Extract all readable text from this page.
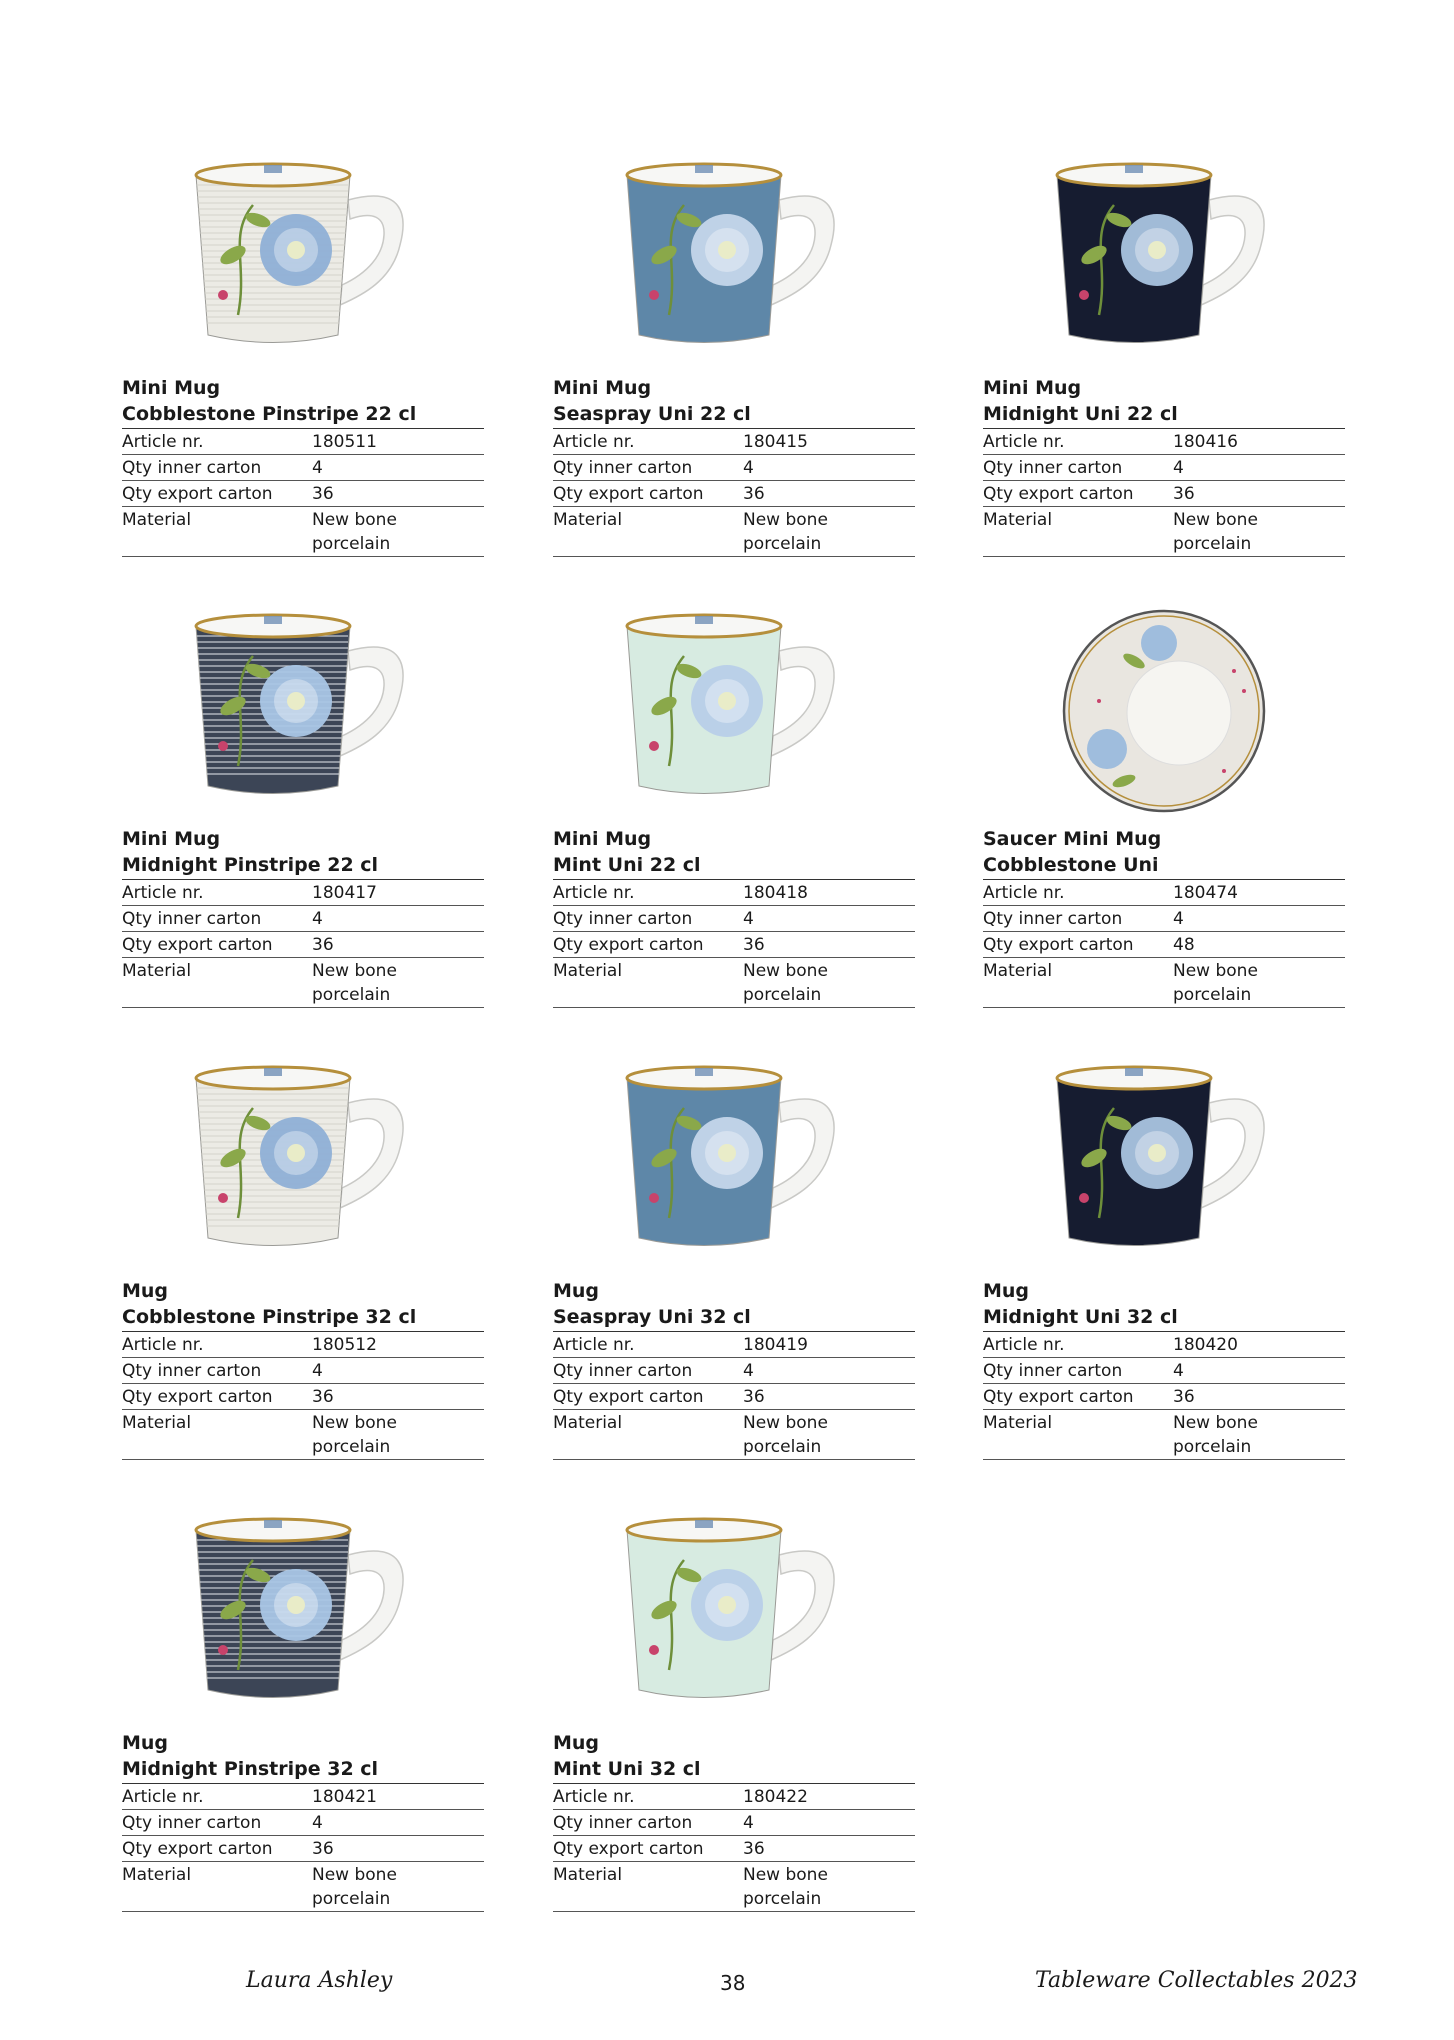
Mini Mug
Cobblestone Pinstripe 22 cl
Article nr.	180511
Qty inner carton	4
Qty export carton	36
Material	New bone
porcelain
Mini Mug
Seaspray Uni 22 cl
Article nr.	180415
Qty inner carton	4
Qty export carton	36
Material	New bone
porcelain
Mini Mug
Midnight Uni 22 cl
Article nr.	180416
Qty inner carton	4
Qty export carton	36
Material	New bone
porcelain
Mini Mug
Midnight Pinstripe 22 cl
Article nr.	180417
Qty inner carton	4
Qty export carton	36
Material	New bone
porcelain
Mini Mug
Mint Uni 22 cl
Article nr.	180418
Qty inner carton	4
Qty export carton	36
Material	New bone
porcelain
Saucer Mini Mug
Cobblestone Uni
Article nr.	180474
Qty inner carton	4
Qty export carton	48
Material	New bone
porcelain
Mug
Cobblestone Pinstripe 32 cl
Article nr.	180512
Qty inner carton	4
Qty export carton	36
Material	New bone
porcelain
Mug
Seaspray Uni 32 cl
Article nr.	180419
Qty inner carton	4
Qty export carton	36
Material	New bone
porcelain
Mug
Midnight Uni 32 cl
Article nr.	180420
Qty inner carton	4
Qty export carton	36
Material	New bone
porcelain
Mug
Midnight Pinstripe 32 cl
Article nr.	180421
Qty inner carton	4
Qty export carton	36
Material	New bone
porcelain
Mug
Mint Uni 32 cl
Article nr.	180422
Qty inner carton	4
Qty export carton	36
Material	New bone
porcelain
Laura Ashley	38	Tableware Collectables 2023
